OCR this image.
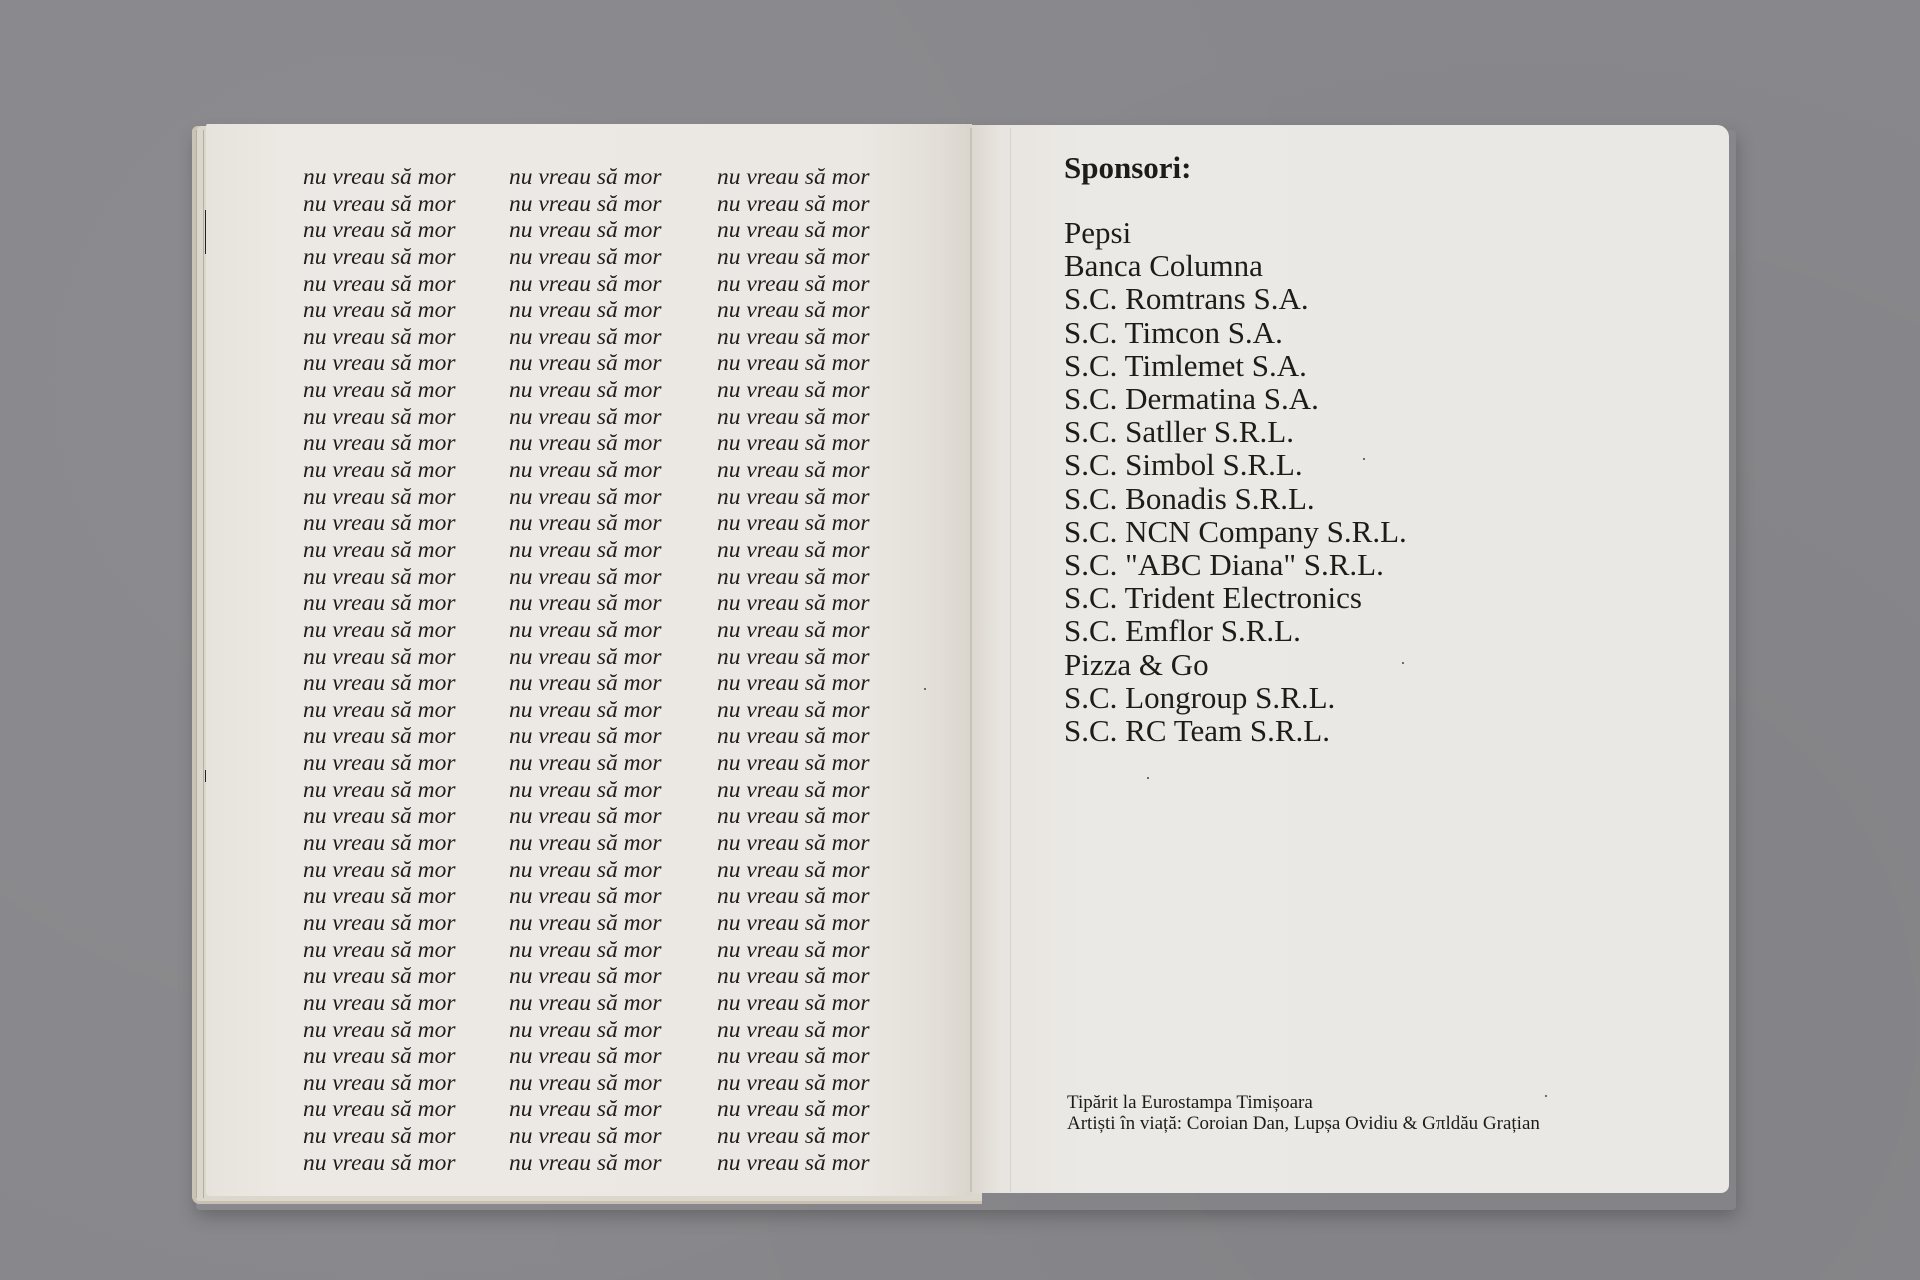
nu vreau să mor	nu vreau să mor	nu vreau să mor
nu vreau să mor	nu vreau să mor	nu vreau să mor
nu vreau să mor	nu vreau să mor	nu vreau să mor
nu vreau să mor	nu vreau să mor	nu vreau să mor
nu vreau să mor	nu vreau să mor	nu vreau să mor
nu vreau să mor	nu vreau să mor	nu vreau să mor
nu vreau să mor	nu vreau să mor	nu vreau să mor
nu vreau să mor	nu vreau să mor	nu vreau să mor
nu vreau să mor	nu vreau să mor	nu vreau să mor
nu vreau să mor	nu vreau să mor	nu vreau să mor
nu vreau să mor	nu vreau să mor	nu vreau să mor
nu vreau să mor	nu vreau să mor	nu vreau să mor
nu vreau să mor	nu vreau să mor	nu vreau să mor
nu vreau să mor	nu vreau să mor	nu vreau să mor
nu vreau să mor	nu vreau să mor	nu vreau să mor
nu vreau să mor	nu vreau să mor	nu vreau să mor
nu vreau să mor	nu vreau să mor	nu vreau să mor
nu vreau să mor	nu vreau să mor	nu vreau să mor
nu vreau să mor	nu vreau să mor	nu vreau să mor
nu vreau să mor	nu vreau să mor	nu vreau să mor
nu vreau să mor	nu vreau să mor	nu vreau să mor
nu vreau să mor	nu vreau să mor	nu vreau să mor
nu vreau să mor	nu vreau să mor	nu vreau să mor
nu vreau să mor	nu vreau să mor	nu vreau să mor
nu vreau să mor	nu vreau să mor	nu vreau să mor
nu vreau să mor	nu vreau să mor	nu vreau să mor
nu vreau să mor	nu vreau să mor	nu vreau să mor
nu vreau să mor	nu vreau să mor	nu vreau să mor
nu vreau să mor	nu vreau să mor	nu vreau să mor
nu vreau să mor	nu vreau să mor	nu vreau să mor
nu vreau să mor	nu vreau să mor	nu vreau să mor
nu vreau să mor	nu vreau să mor	nu vreau să mor
nu vreau să mor	nu vreau să mor	nu vreau să mor
nu vreau să mor	nu vreau să mor	nu vreau să mor
nu vreau să mor	nu vreau să mor	nu vreau să mor
nu vreau să mor	nu vreau să mor	nu vreau să mor
nu vreau să mor	nu vreau să mor	nu vreau să mor
nu vreau să mor	nu vreau să mor	nu vreau să mor
Sponsori:
Pepsi
Banca Columna
S.C. Romtrans S.A.
S.C. Timcon S.A.
S.C. Timlemet S.A.
S.C. Dermatina S.A.
S.C. Satller S.R.L.
S.C. Simbol S.R.L.
S.C. Bonadis S.R.L.
S.C. NCN Company S.R.L.
S.C. "ABC Diana" S.R.L.
S.C. Trident Electronics
S.C. Emflor S.R.L.
Pizza & Go
S.C. Longroup S.R.L.
S.C. RC Team S.R.L.
Tipărit la Eurostampa Timișoara
Artiști în viață: Coroian Dan, Lupșa Ovidiu & Gπldău Grațian
